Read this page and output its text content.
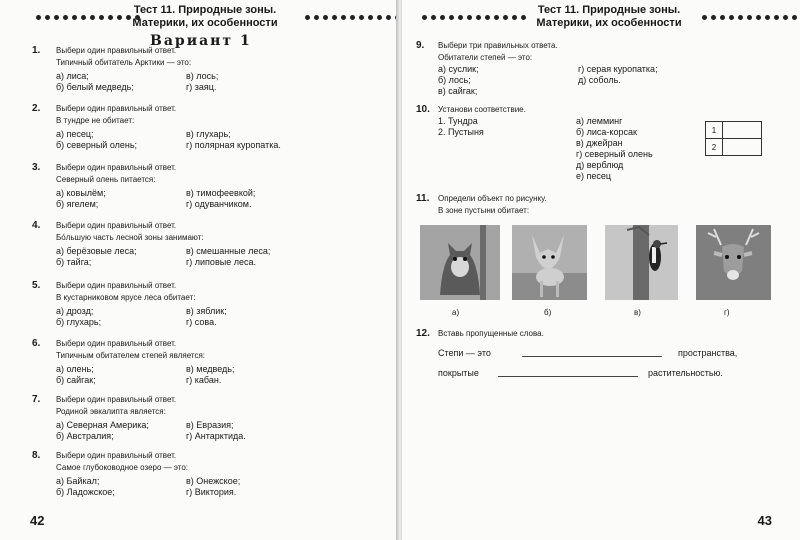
Тест 11. Природные зоны.
Материки, их особенности
Вариант 1
1. Выбери один правильный ответ.
Типичный обитатель Арктики — это:
а) лиса;	в) лось;
б) белый медведь;	г) заяц.
2. Выбери один правильный ответ.
В тундре не обитает:
а) песец;	в) глухарь;
б) северный олень;	г) полярная куропатка.
3. Выбери один правильный ответ.
Северный олень питается:
а) ковылём;	в) тимофеевкой;
б) ягелем;	г) одуванчиком.
4. Выбери один правильный ответ.
Бо́льшую часть лесной зоны занимают:
а) берёзовые леса;	в) смешанные леса;
б) тайга;	г) липовые леса.
5. Выбери один правильный ответ.
В кустарниковом ярусе леса обитает:
а) дрозд;	в) зяблик;
б) глухарь;	г) сова.
6. Выбери один правильный ответ.
Типичным обитателем степей является:
а) олень;	в) медведь;
б) сайгак;	г) кабан.
7. Выбери один правильный ответ.
Родиной эвкалипта является:
а) Северная Америка;	в) Евразия;
б) Австралия;	г) Антарктида.
8. Выбери один правильный ответ.
Самое глубоководное озеро — это:
а) Байкал;	в) Онежское;
б) Ладожское;	г) Виктория.
42
Тест 11. Природные зоны.
Материки, их особенности
9. Выбери три правильных ответа.
Обитатели степей — это:
а) суслик;	г) серая куропатка;
б) лось;	д) соболь.
в) сайгак;
10. Установи соответствие.
1. Тундра
2. Пустыня
а) лемминг
б) лиса-корсак
в) джейран
г) северный олень
д) верблюд
е) песец
1	
2	
11. Определи объект по рисунку.
В зоне пустыни обитает:
а)	б)	в)	г)
12. Вставь пропущенные слова.
Степи — это	пространства,
покрытые	растительностью.
43
